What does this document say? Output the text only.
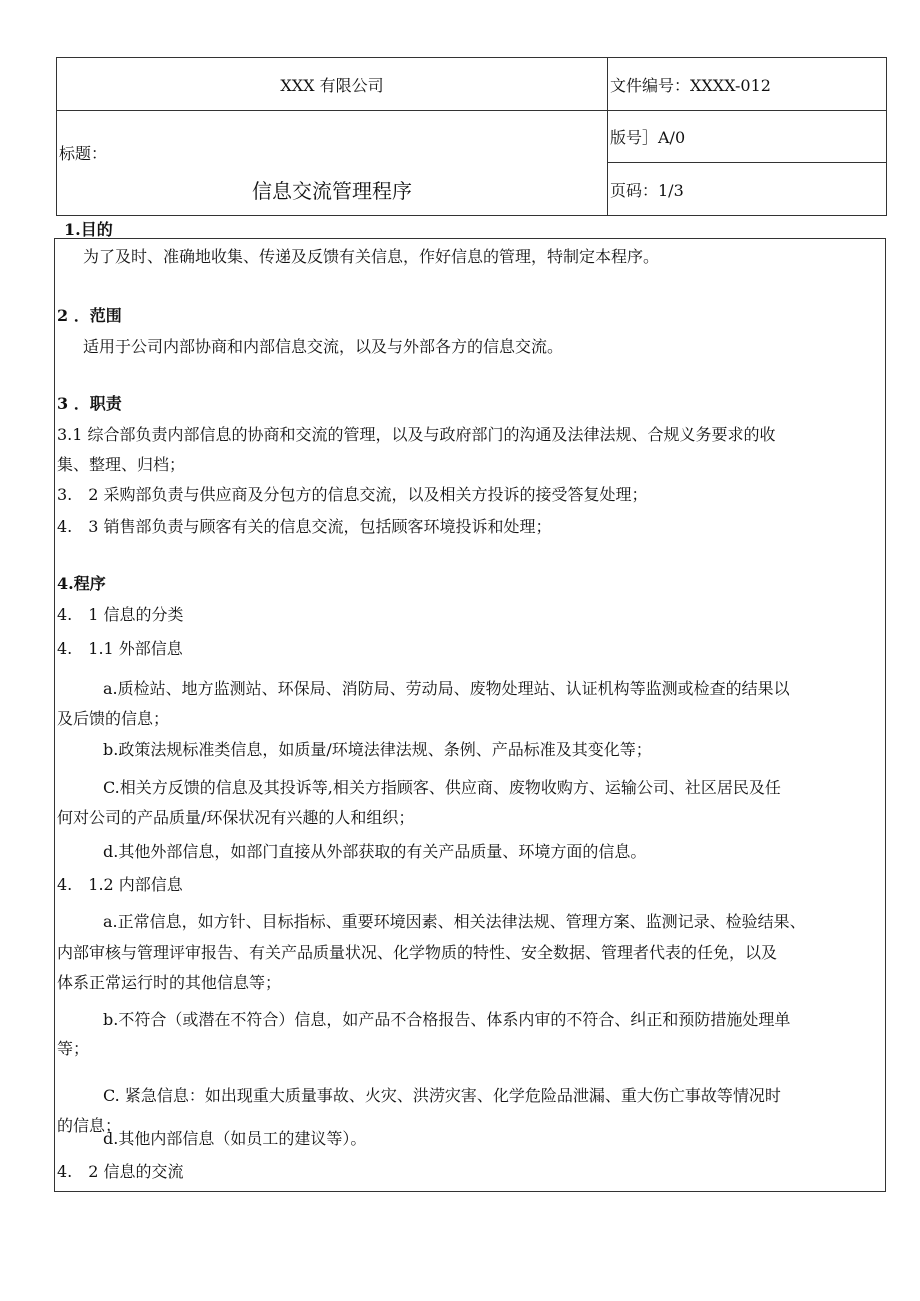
XXX 有限公司	文件编号：XXXX-012

标题：
信息交流管理程序	版号］A/0
	页码：1/3
1.目的
为了及时、准确地收集、传递及反馈有关信息，作好信息的管理，特制定本程序。
2 ．范围
适用于公司内部协商和内部信息交流，以及与外部各方的信息交流。
3 ．职责
3.1 综合部负责内部信息的协商和交流的管理，以及与政府部门的沟通及法律法规、合规义务要求的收
集、整理、归档；
3.　2 采购部负责与供应商及分包方的信息交流，以及相关方投诉的接受答复处理；
4.　3 销售部负责与顾客有关的信息交流，包括顾客环境投诉和处理；
4.程序
4.　1 信息的分类
4.　1.1 外部信息
a.质检站、地方监测站、环保局、消防局、劳动局、废物处理站、认证机构等监测或检查的结果以
及后馈的信息；
b.政策法规标准类信息，如质量/环境法律法规、条例、产品标准及其变化等；
C.相关方反馈的信息及其投诉等,相关方指顾客、供应商、废物收购方、运输公司、社区居民及任
何对公司的产品质量/环保状况有兴趣的人和组织；
d.其他外部信息，如部门直接从外部获取的有关产品质量、环境方面的信息。
4.　1.2 内部信息
a.正常信息，如方针、目标指标、重要环境因素、相关法律法规、管理方案、监测记录、检验结果、
内部审核与管理评审报告、有关产品质量状况、化学物质的特性、安全数据、管理者代表的任免，以及
体系正常运行时的其他信息等；
b.不符合（或潜在不符合）信息，如产品不合格报告、体系内审的不符合、纠正和预防措施处理单
等；
C. 紧急信息：如出现重大质量事故、火灾、洪涝灾害、化学危险品泄漏、重大伤亡事故等情况时
的信息；
d.其他内部信息（如员工的建议等）。
4.　2 信息的交流
